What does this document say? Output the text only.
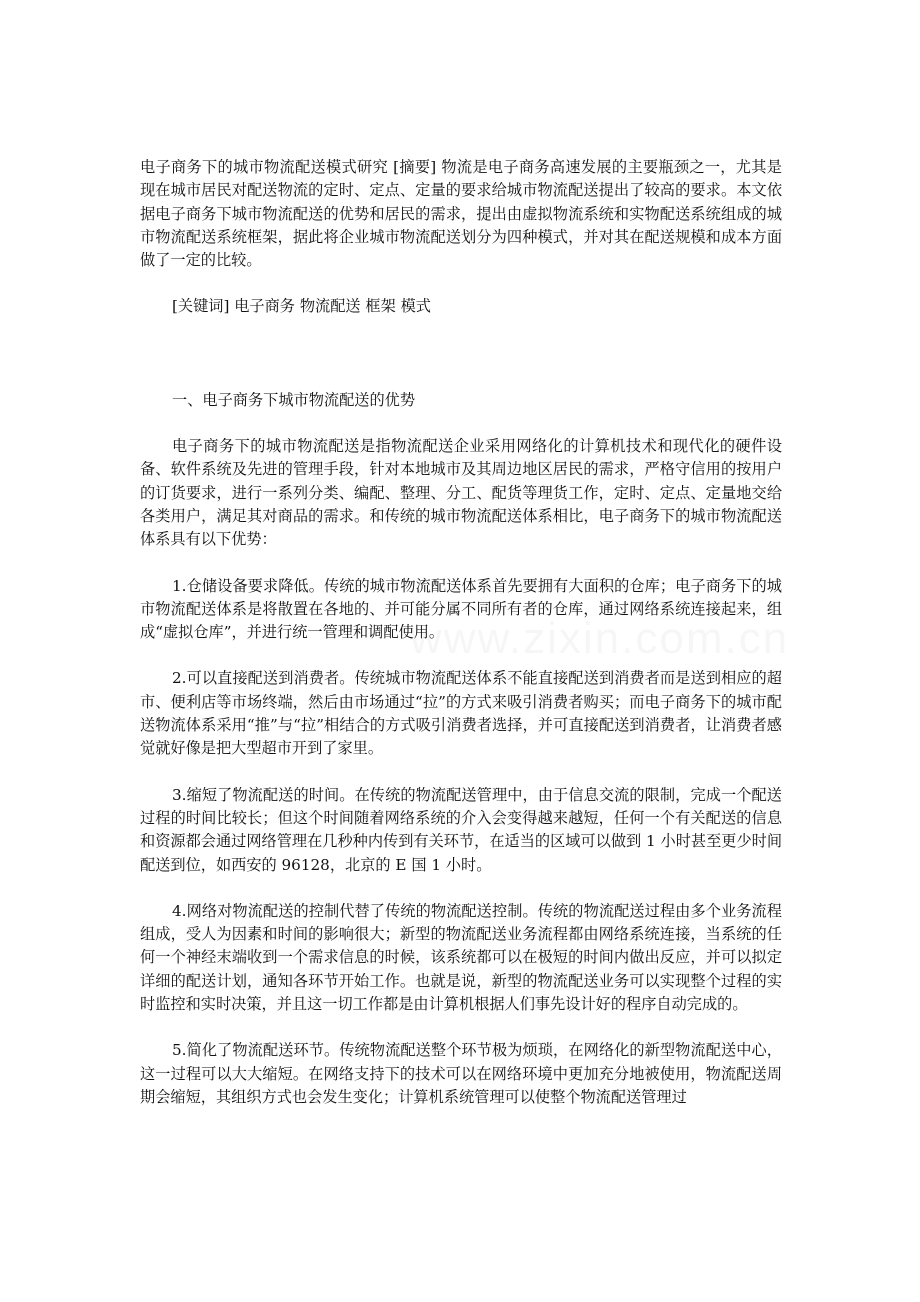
电子商务下的城市物流配送模式研究 [摘要] 物流是电子商务高速发展的主要瓶颈之一，尤其是现在城市居民对配送物流的定时、定点、定量的要求给城市物流配送提出了较高的要求。本文依据电子商务下城市物流配送的优势和居民的需求，提出由虚拟物流系统和实物配送系统组成的城市物流配送系统框架，据此将企业城市物流配送划分为四种模式，并对其在配送规模和成本方面做了一定的比较。

[关键词] 电子商务 物流配送 框架 模式

一、电子商务下城市物流配送的优势

电子商务下的城市物流配送是指物流配送企业采用网络化的计算机技术和现代化的硬件设备、软件系统及先进的管理手段，针对本地城市及其周边地区居民的需求，严格守信用的按用户的订货要求，进行一系列分类、编配、整理、分工、配货等理货工作，定时、定点、定量地交给各类用户，满足其对商品的需求。和传统的城市物流配送体系相比，电子商务下的城市物流配送体系具有以下优势：

1.仓储设备要求降低。传统的城市物流配送体系首先要拥有大面积的仓库；电子商务下的城市物流配送体系是将散置在各地的、并可能分属不同所有者的仓库，通过网络系统连接起来，组成“虚拟仓库”，并进行统一管理和调配使用。

2.可以直接配送到消费者。传统城市物流配送体系不能直接配送到消费者而是送到相应的超市、便利店等市场终端，然后由市场通过“拉”的方式来吸引消费者购买；而电子商务下的城市配送物流体系采用“推”与“拉”相结合的方式吸引消费者选择，并可直接配送到消费者，让消费者感觉就好像是把大型超市开到了家里。

3.缩短了物流配送的时间。在传统的物流配送管理中，由于信息交流的限制，完成一个配送过程的时间比较长；但这个时间随着网络系统的介入会变得越来越短，任何一个有关配送的信息和资源都会通过网络管理在几秒种内传到有关环节，在适当的区域可以做到 1 小时甚至更少时间配送到位，如西安的 96128，北京的 E 国 1 小时。

4.网络对物流配送的控制代替了传统的物流配送控制。传统的物流配送过程由多个业务流程组成，受人为因素和时间的影响很大；新型的物流配送业务流程都由网络系统连接，当系统的任何一个神经末端收到一个需求信息的时候，该系统都可以在极短的时间内做出反应，并可以拟定详细的配送计划，通知各环节开始工作。也就是说，新型的物流配送业务可以实现整个过程的实时监控和实时决策，并且这一切工作都是由计算机根据人们事先设计好的程序自动完成的。

5.简化了物流配送环节。传统物流配送整个环节极为烦琐，在网络化的新型物流配送中心，这一过程可以大大缩短。在网络支持下的技术可以在网络环境中更加充分地被使用，物流配送周期会缩短，其组织方式也会发生变化；计算机系统管理可以使整个物流配送管理过
